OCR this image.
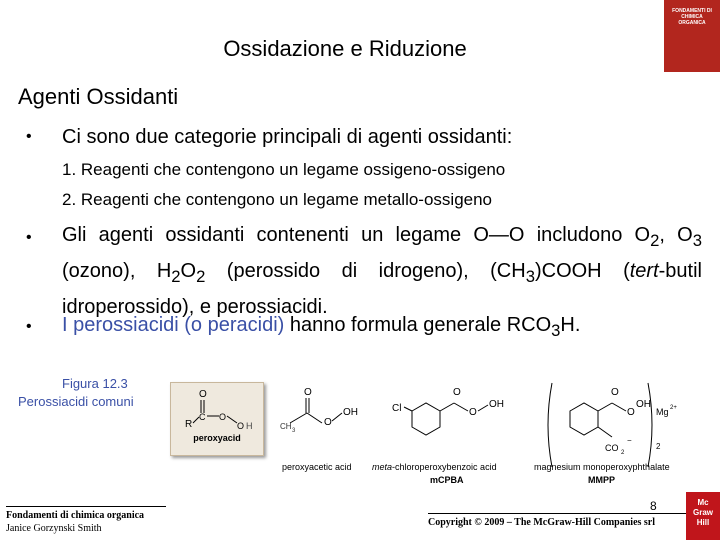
FONDAMENTI DI CHIMICA ORGANICA
Ossidazione e Riduzione
Agenti Ossidanti
• Ci sono due categorie principali di agenti ossidanti:
1. Reagenti che contengono un legame ossigeno-ossigeno
2. Reagenti che contengono un legame metallo-ossigeno
• Gli agenti ossidanti contenenti un legame O—O includono $O_2$, $O_3$ (ozono), $H_2O_2$ (perossido di idrogeno), $(CH_3)COOH$ (tert-butil idroperossido), e perossiacidi.
• I perossiacidi (o peracidi) hanno formula generale $RCO_3H$.
Figura 12.3
Perossiacidi comuni	O
R
C O
O H
peroxyacid
O
O
OH
CH 3
peroxyacetic acid
Cl
O
O
OH
meta-chloroperoxybenzoic acid
mCPBA
O
O
OH
CO 2
−
Mg 2+
2
magnesium monoperoxyphthalate
MMPP
Fondamenti di chimica organica
Janice Gorzynski Smith
8
Copyright © 2009 – The McGraw-Hill Companies srl
Mc Graw Hill
